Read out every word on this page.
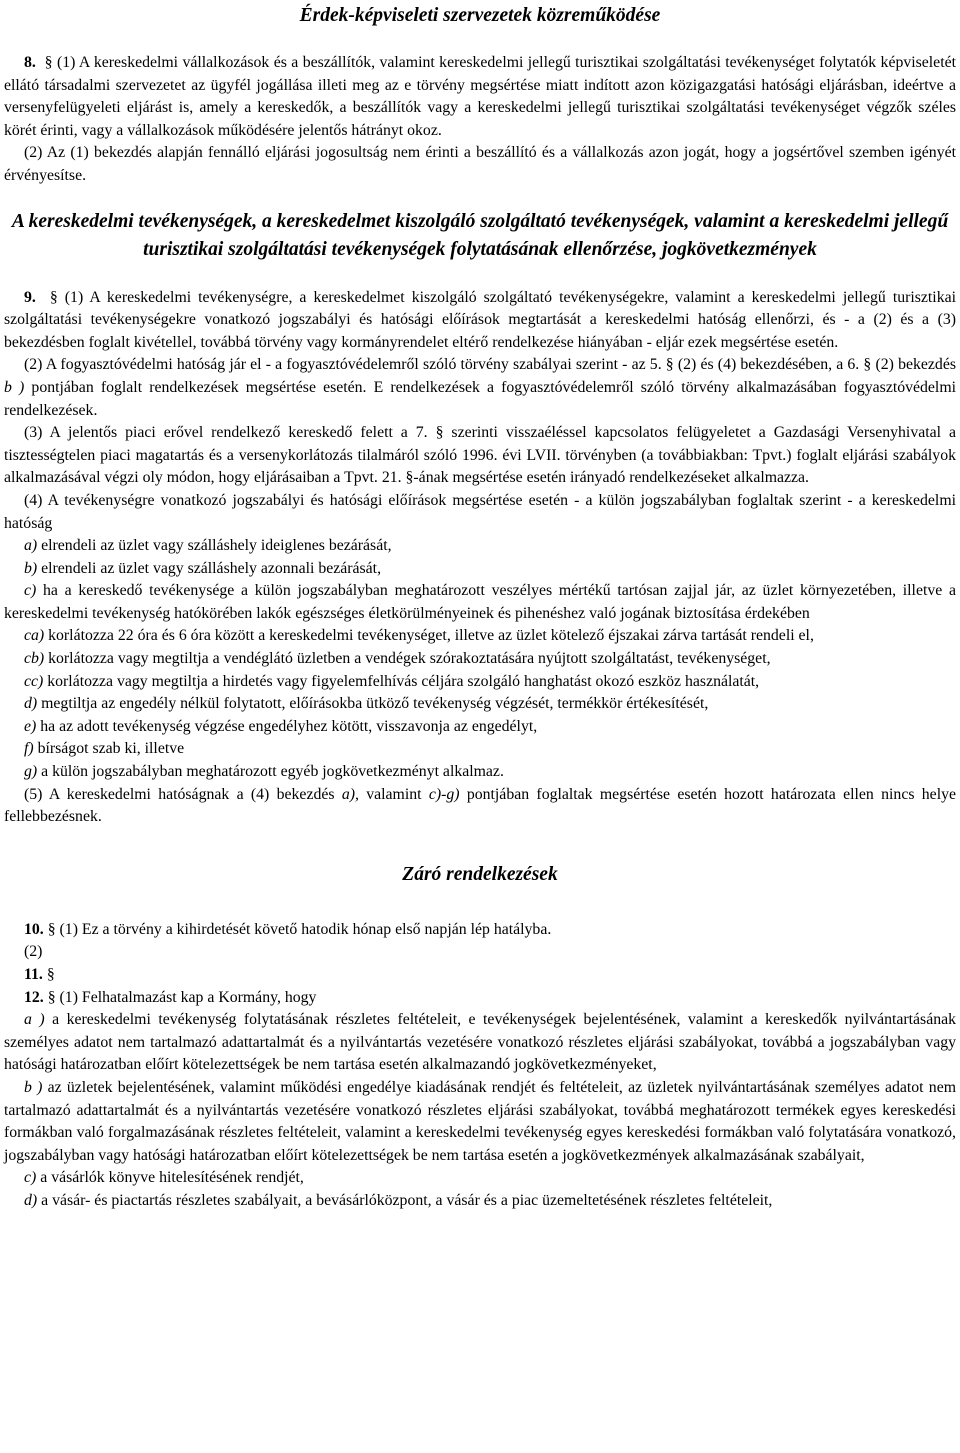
Érdek-képviseleti szervezetek közreműködése

8. § (1) A kereskedelmi vállalkozások és a beszállítók, valamint kereskedelmi jellegű turisztikai szolgáltatási tevékenységet folytatók képviseletét ellátó társadalmi szervezetet az ügyfél jogállása illeti meg az e törvény megsértése miatt indított azon közigazgatási hatósági eljárásban, ideértve a versenyfelügyeleti eljárást is, amely a kereskedők, a beszállítók vagy a kereskedelmi jellegű turisztikai szolgáltatási tevékenységet végzők széles körét érinti, vagy a vállalkozások működésére jelentős hátrányt okoz.

(2) Az (1) bekezdés alapján fennálló eljárási jogosultság nem érinti a beszállító és a vállalkozás azon jogát, hogy a jogsértővel szemben igényét érvényesítse.

A kereskedelmi tevékenységek, a kereskedelmet kiszolgáló szolgáltató tevékenységek, valamint a kereskedelmi jellegű turisztikai szolgáltatási tevékenységek folytatásának ellenőrzése, jogkövetkezmények

9. § (1) A kereskedelmi tevékenységre, a kereskedelmet kiszolgáló szolgáltató tevékenységekre, valamint a kereskedelmi jellegű turisztikai szolgáltatási tevékenységekre vonatkozó jogszabályi és hatósági előírások megtartását a kereskedelmi hatóság ellenőrzi, és - a (2) és a (3) bekezdésben foglalt kivétellel, továbbá törvény vagy kormányrendelet eltérő rendelkezése hiányában - eljár ezek megsértése esetén.

(2) A fogyasztóvédelmi hatóság jár el - a fogyasztóvédelemről szóló törvény szabályai szerint - az 5. § (2) és (4) bekezdésében, a 6. § (2) bekezdés b ) pontjában foglalt rendelkezések megsértése esetén. E rendelkezések a fogyasztóvédelemről szóló törvény alkalmazásában fogyasztóvédelmi rendelkezések.

(3) A jelentős piaci erővel rendelkező kereskedő felett a 7. § szerinti visszaéléssel kapcsolatos felügyeletet a Gazdasági Versenyhivatal a tisztességtelen piaci magatartás és a versenykorlátozás tilalmáról szóló 1996. évi LVII. törvényben (a továbbiakban: Tpvt.) foglalt eljárási szabályok alkalmazásával végzi oly módon, hogy eljárásaiban a Tpvt. 21. §-ának megsértése esetén irányadó rendelkezéseket alkalmazza.

(4) A tevékenységre vonatkozó jogszabályi és hatósági előírások megsértése esetén - a külön jogszabályban foglaltak szerint - a kereskedelmi hatóság

a) elrendeli az üzlet vagy szálláshely ideiglenes bezárását,

b) elrendeli az üzlet vagy szálláshely azonnali bezárását,

c) ha a kereskedő tevékenysége a külön jogszabályban meghatározott veszélyes mértékű tartósan zajjal jár, az üzlet környezetében, illetve a kereskedelmi tevékenység hatókörében lakók egészséges életkörülményeinek és pihenéshez való jogának biztosítása érdekében

ca) korlátozza 22 óra és 6 óra között a kereskedelmi tevékenységet, illetve az üzlet kötelező éjszakai zárva tartását rendeli el,

cb) korlátozza vagy megtiltja a vendéglátó üzletben a vendégek szórakoztatására nyújtott szolgáltatást, tevékenységet,

cc) korlátozza vagy megtiltja a hirdetés vagy figyelemfelhívás céljára szolgáló hanghatást okozó eszköz használatát,

d) megtiltja az engedély nélkül folytatott, előírásokba ütköző tevékenység végzését, termékkör értékesítését,

e) ha az adott tevékenység végzése engedélyhez kötött, visszavonja az engedélyt,

f) bírságot szab ki, illetve

g) a külön jogszabályban meghatározott egyéb jogkövetkezményt alkalmaz.

(5) A kereskedelmi hatóságnak a (4) bekezdés a), valamint c)-g) pontjában foglaltak megsértése esetén hozott határozata ellen nincs helye fellebbezésnek.

Záró rendelkezések

10. § (1) Ez a törvény a kihirdetését követő hatodik hónap első napján lép hatályba.

(2)

11. §

12. § (1) Felhatalmazást kap a Kormány, hogy

a ) a kereskedelmi tevékenység folytatásának részletes feltételeit, e tevékenységek bejelentésének, valamint a kereskedők nyilvántartásának személyes adatot nem tartalmazó adattartalmát és a nyilvántartás vezetésére vonatkozó részletes eljárási szabályokat, továbbá a jogszabályban vagy hatósági határozatban előírt kötelezettségek be nem tartása esetén alkalmazandó jogkövetkezményeket,

b ) az üzletek bejelentésének, valamint működési engedélye kiadásának rendjét és feltételeit, az üzletek nyilvántartásának személyes adatot nem tartalmazó adattartalmát és a nyilvántartás vezetésére vonatkozó részletes eljárási szabályokat, továbbá meghatározott termékek egyes kereskedési formákban való forgalmazásának részletes feltételeit, valamint a kereskedelmi tevékenység egyes kereskedési formákban való folytatására vonatkozó, jogszabályban vagy hatósági határozatban előírt kötelezettségek be nem tartása esetén a jogkövetkezmények alkalmazásának szabályait,

c) a vásárlók könyve hitelesítésének rendjét,

d) a vásár- és piactartás részletes szabályait, a bevásárlóközpont, a vásár és a piac üzemeltetésének részletes feltételeit,
